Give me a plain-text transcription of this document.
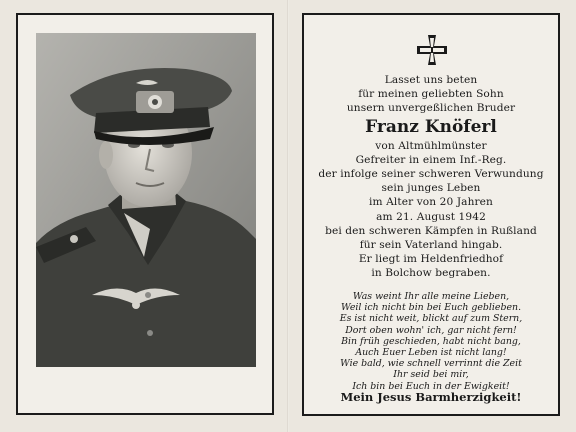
Lasset uns beten
für meinen geliebten Sohn
unsern unvergeßlichen Bruder
Franz Knöferl
von Altmühlmünster
Gefreiter in einem Inf.-Reg.
der infolge seiner schweren Verwundung
sein junges Leben
im Alter von 20 Jahren
am 21. August 1942
bei den schweren Kämpfen in Rußland
für sein Vaterland hingab.
Er liegt im Heldenfriedhof
in Bolchow begraben.
Was weint Ihr alle meine Lieben,
Weil ich nicht bin bei Euch geblieben.
Es ist nicht weit, blickt auf zum Stern,
Dort oben wohn' ich, gar nicht fern!
Bin früh geschieden, habt nicht bang,
Auch Euer Leben ist nicht lang!
Wie bald, wie schnell verrinnt die Zeit
Ihr seid bei mir,
Ich bin bei Euch in der Ewigkeit!
Mein Jesus Barmherzigkeit!
